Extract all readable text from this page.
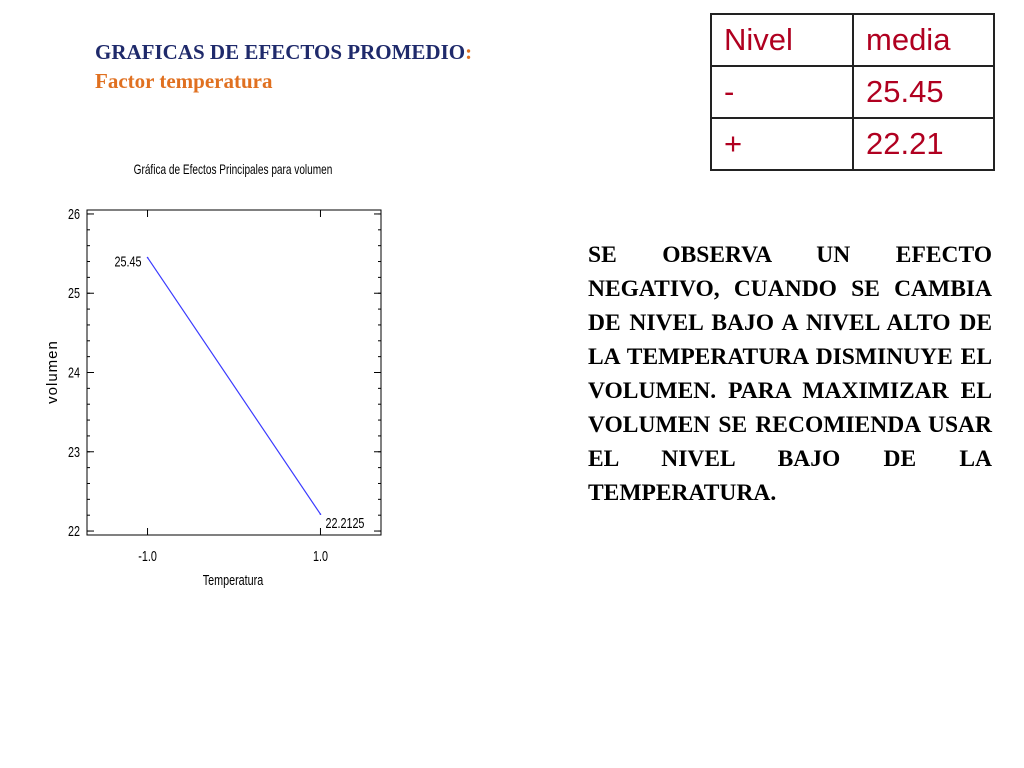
GRAFICAS DE EFECTOS PROMEDIO:
Factor temperatura
Nivel	media
-	25.45
+	22.21
Gráfica de Efectos Principales para volumen
22
23
24
25
26
-1.0	1.0
25.45
22.2125
Temperatura
volumen

SE OBSERVA UN EFECTO NEGATIVO, CUANDO SE CAMBIA DE NIVEL BAJO A NIVEL ALTO DE LA TEMPERATURA DISMINUYE EL VOLUMEN. PARA MAXIMIZAR EL VOLUMEN SE RECOMIENDA USAR EL NIVEL BAJO DE LA TEMPERATURA.
